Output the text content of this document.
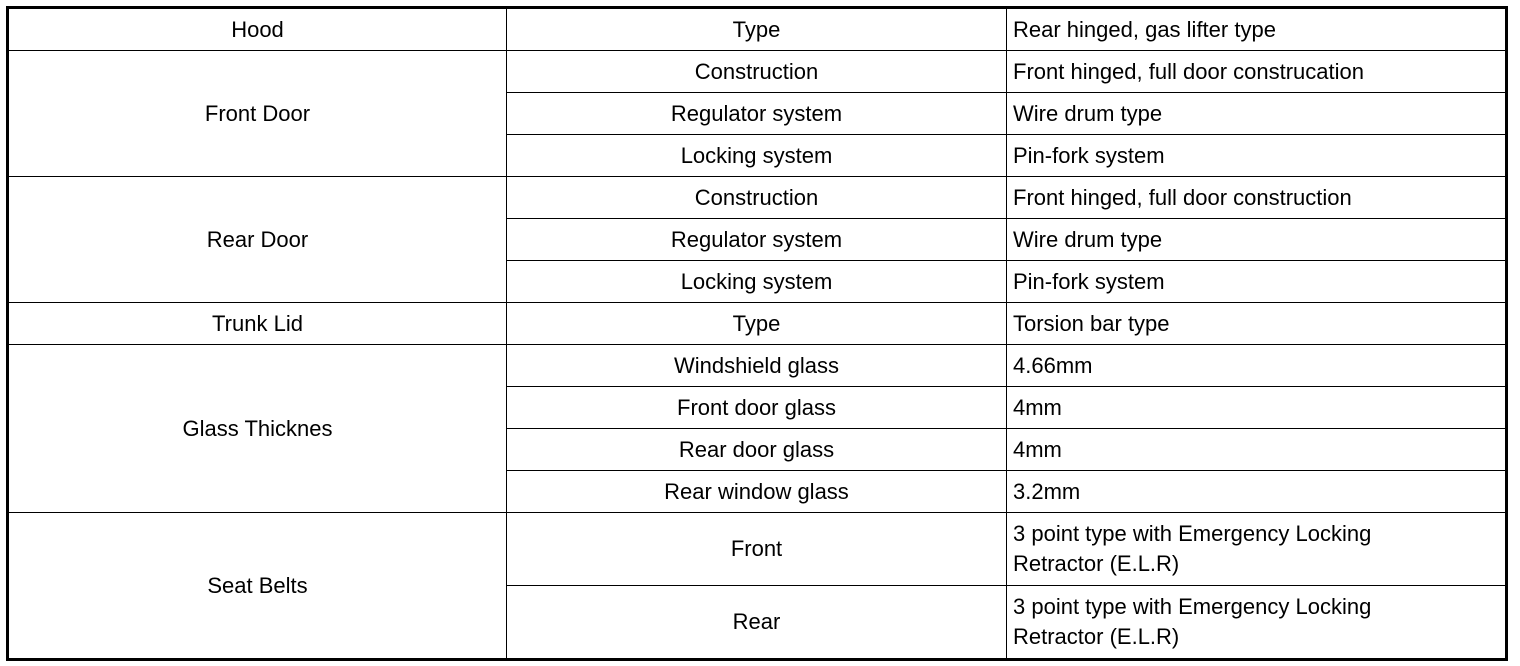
Hood	Type	Rear hinged, gas lifter type
Front Door	Construction	Front hinged, full door construcation
	Regulator system	Wire drum type
	Locking system	Pin-fork system
Rear Door	Construction	Front hinged, full door construction
	Regulator system	Wire drum type
	Locking system	Pin-fork system
Trunk Lid	Type	Torsion bar type
Glass Thicknes	Windshield glass	4.66mm
	Front door glass	4mm
	Rear door glass	4mm
	Rear window glass	3.2mm
Seat Belts	Front	3 point type with Emergency Locking
Retractor (E.L.R)

	Rear	3 point type with Emergency Locking
Retractor (E.L.R)
